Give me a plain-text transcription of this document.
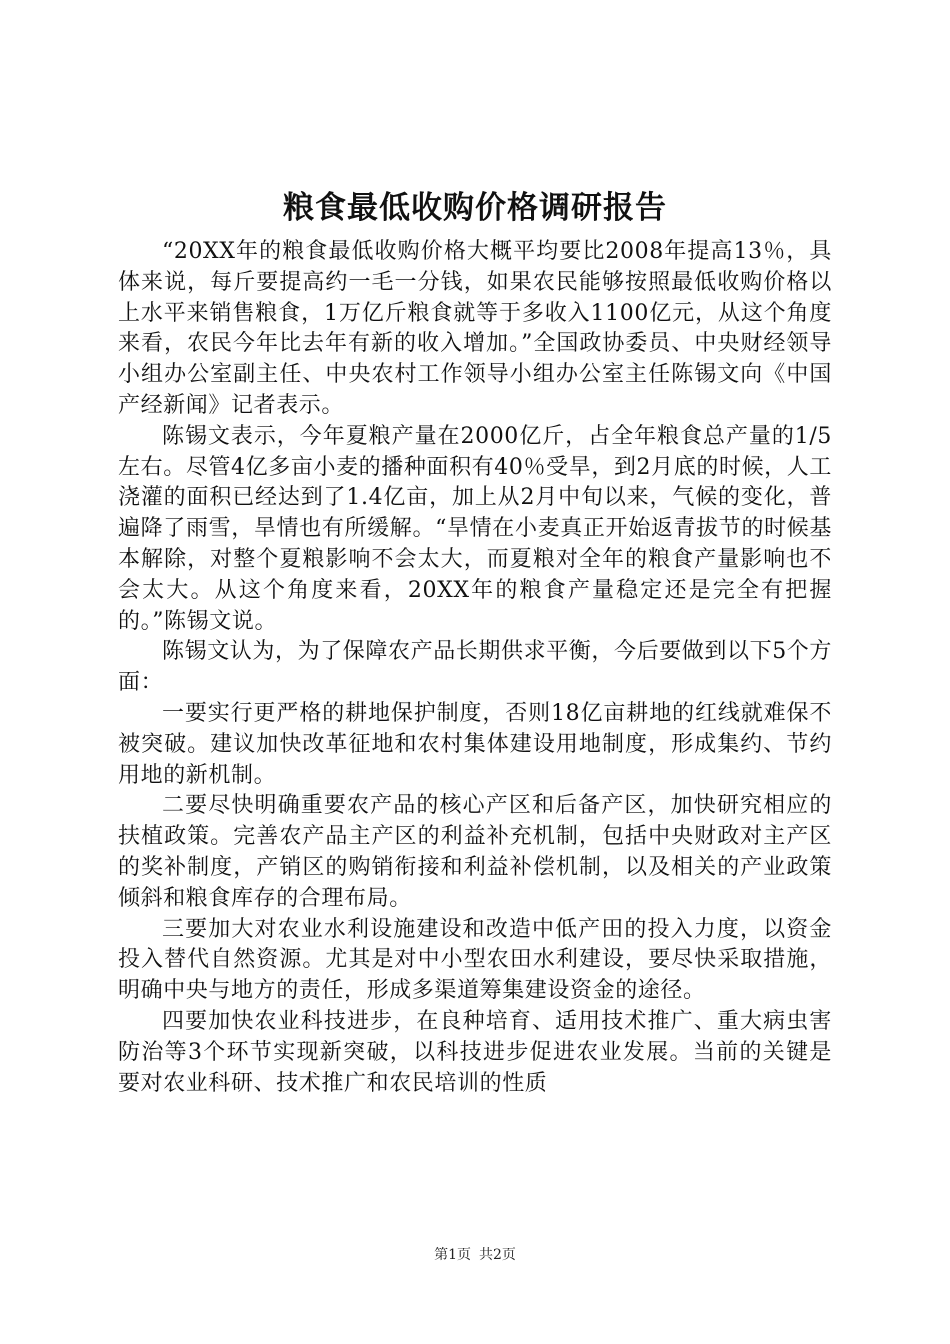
粮食最低收购价格调研报告

“20XX年的粮食最低收购价格大概平均要比2008年提高13％，具体来说，每斤要提高约一毛一分钱，如果农民能够按照最低收购价格以上水平来销售粮食，1万亿斤粮食就等于多收入1100亿元，从这个角度来看，农民今年比去年有新的收入增加。”全国政协委员、中央财经领导小组办公室副主任、中央农村工作领导小组办公室主任陈锡文向《中国产经新闻》记者表示。

陈锡文表示，今年夏粮产量在2000亿斤，占全年粮食总产量的1/5左右。尽管4亿多亩小麦的播种面积有40％受旱，到2月底的时候，人工浇灌的面积已经达到了1.4亿亩，加上从2月中旬以来，气候的变化，普遍降了雨雪，旱情也有所缓解。“旱情在小麦真正开始返青拔节的时候基本解除，对整个夏粮影响不会太大，而夏粮对全年的粮食产量影响也不会太大。从这个角度来看，20XX年的粮食产量稳定还是完全有把握的。”陈锡文说。

陈锡文认为，为了保障农产品长期供求平衡，今后要做到以下5个方面：

一要实行更严格的耕地保护制度，否则18亿亩耕地的红线就难保不被突破。建议加快改革征地和农村集体建设用地制度，形成集约、节约用地的新机制。

二要尽快明确重要农产品的核心产区和后备产区，加快研究相应的扶植政策。完善农产品主产区的利益补充机制，包括中央财政对主产区的奖补制度，产销区的购销衔接和利益补偿机制，以及相关的产业政策倾斜和粮食库存的合理布局。

三要加大对农业水利设施建设和改造中低产田的投入力度，以资金投入替代自然资源。尤其是对中小型农田水利建设，要尽快采取措施，明确中央与地方的责任，形成多渠道筹集建设资金的途径。

四要加快农业科技进步，在良种培育、适用技术推广、重大病虫害防治等3个环节实现新突破，以科技进步促进农业发展。当前的关键是要对农业科研、技术推广和农民培训的性质

第1页 共2页
